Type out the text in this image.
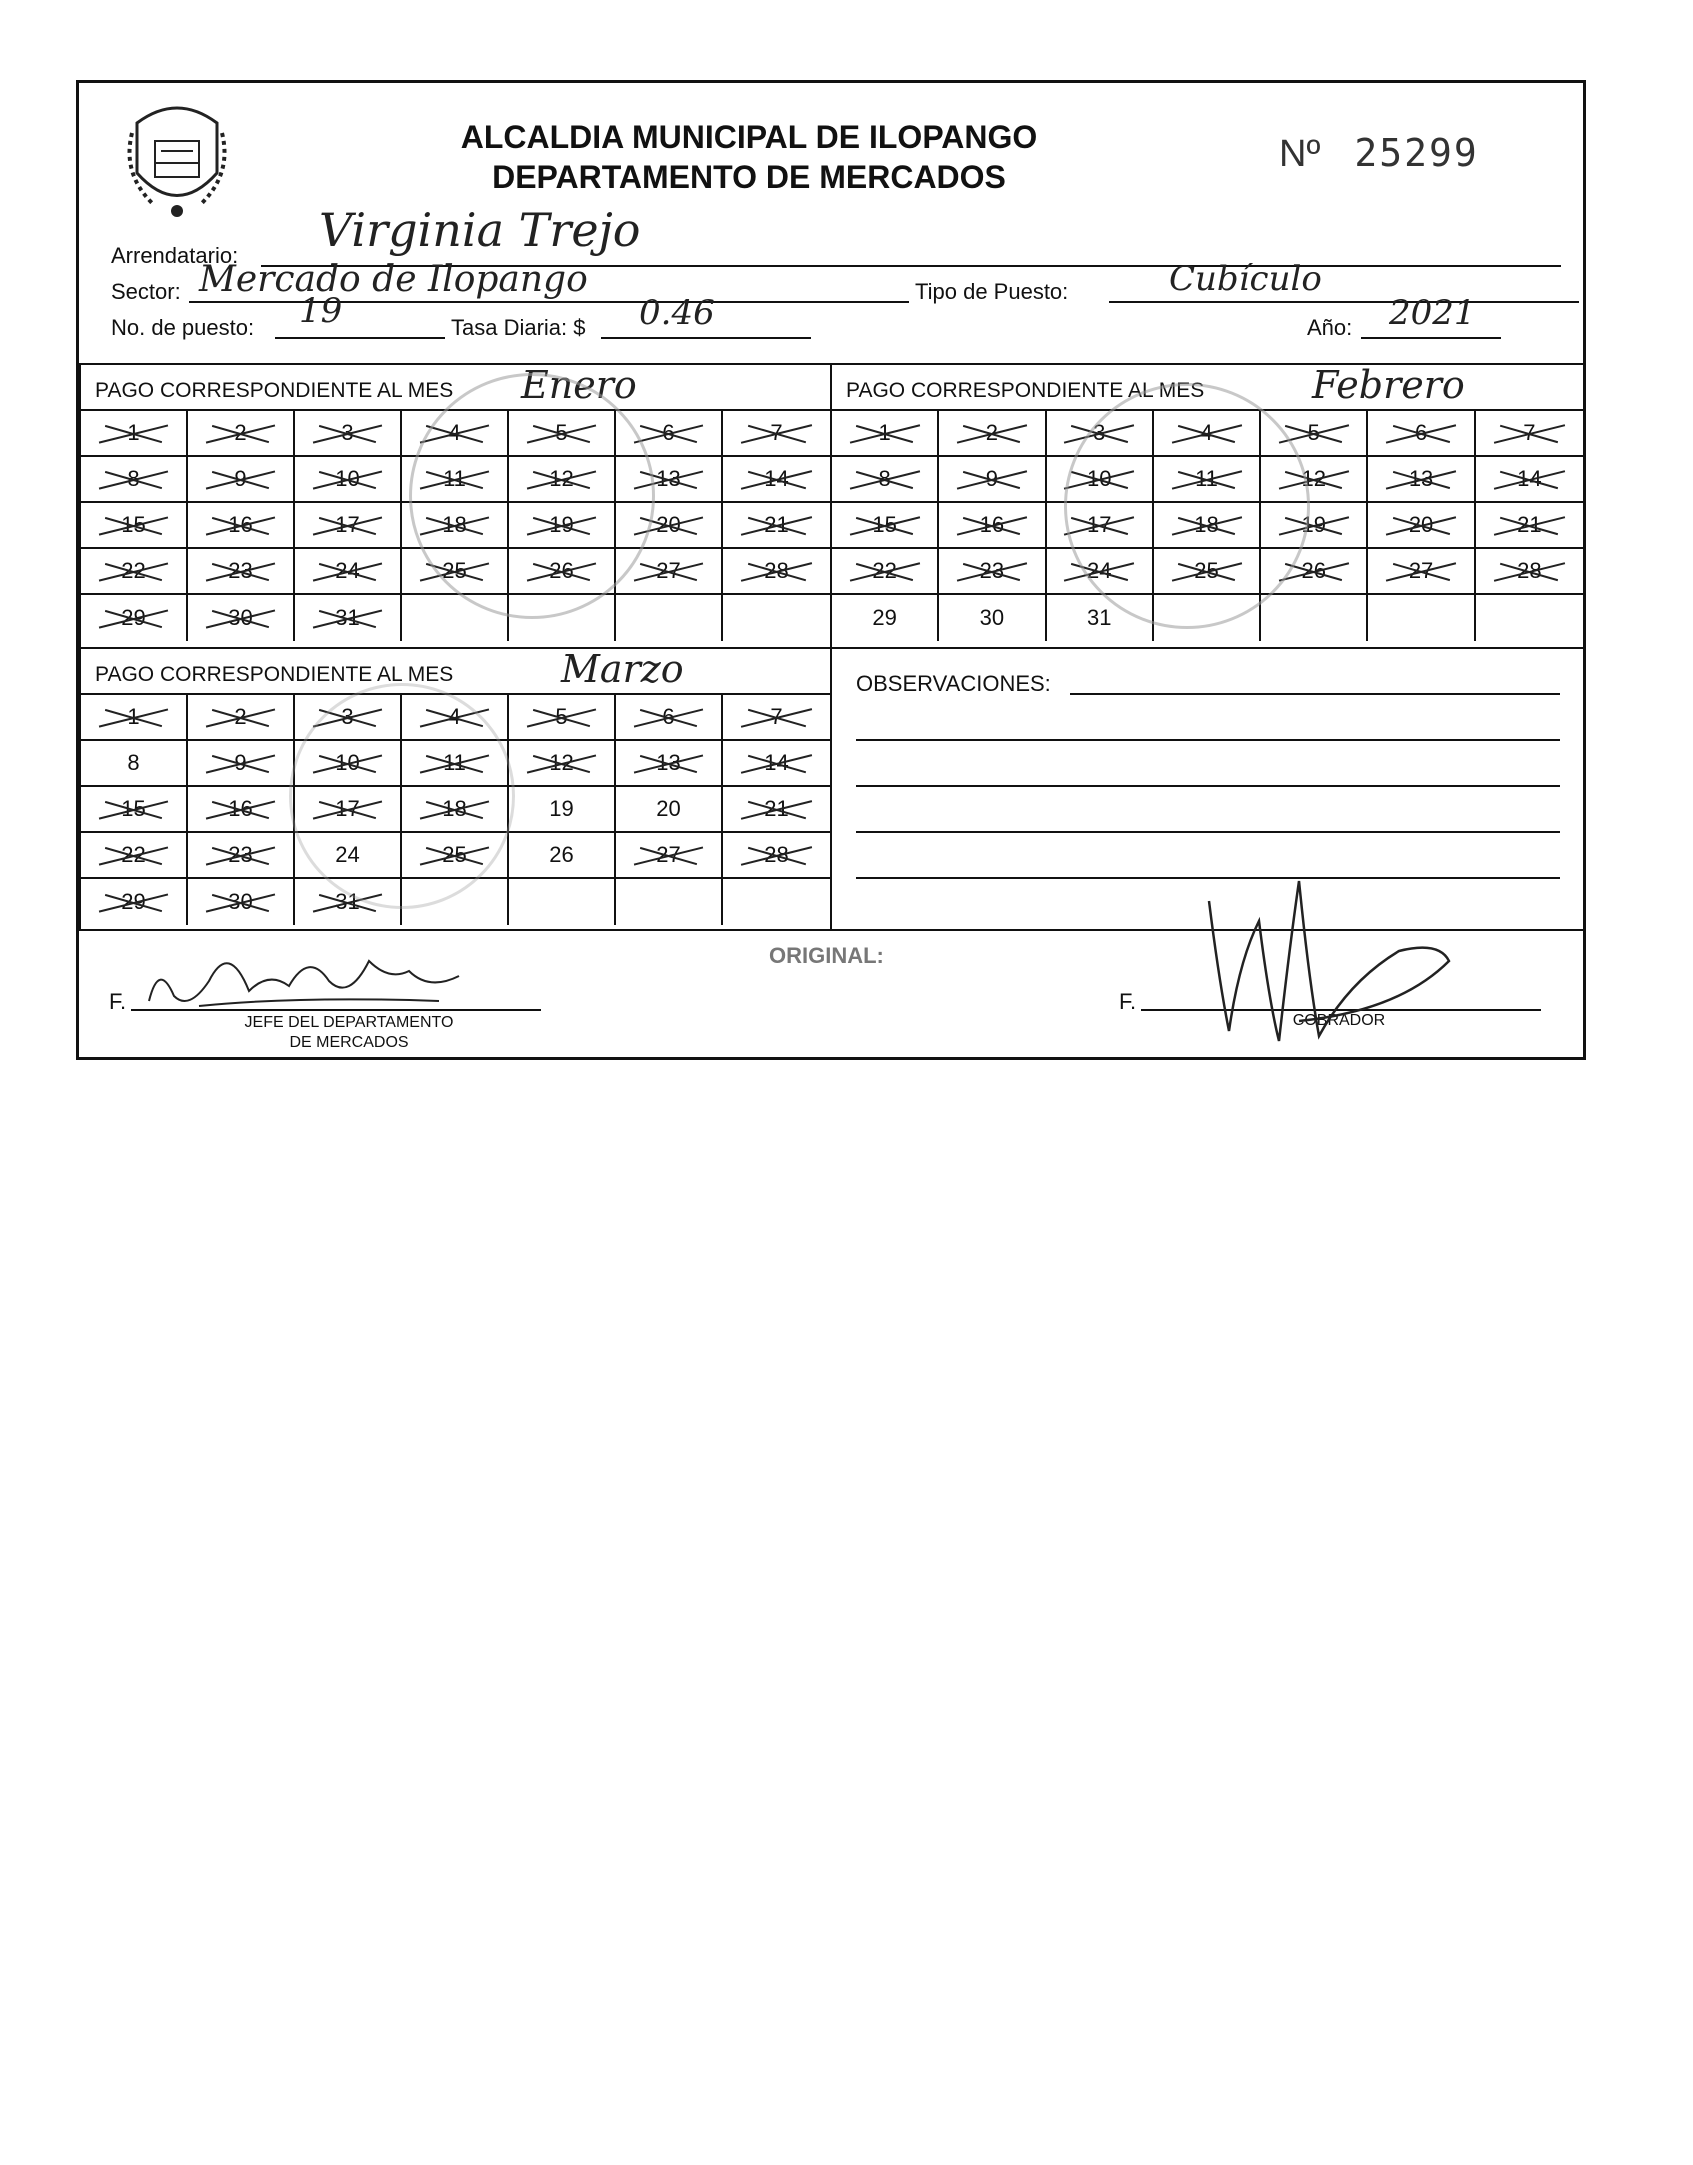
ALCALDIA MUNICIPAL DE ILOPANGO
DEPARTAMENTO DE MERCADOS
Nº 25299
Arrendatario: Virginia Trejo
Sector: Mercado de Ilopango	Tipo de Puesto:	Cubículo
No. de puesto: 19	Tasa Diaria: $ 0.46	Año: 2021
PAGO CORRESPONDIENTE AL MES Enero
1	2	3	4	5	6	7
8	9	10	11	12	13	14
15	16	17	18	19	20	21
22	23	24	25	26	27	28
29	30	31
PAGO CORRESPONDIENTE AL MES	Febrero
1	2	3	4	5	6	7
8	9	10	11	12	13	14
15	16	17	18	19	20	21
22	23	24	25	26	27	28
29	30	31
PAGO CORRESPONDIENTE AL MES	Marzo
1	2	3	4	5	6	7
8	9	10	11	12	13	14
15	16	17	18	19	20	21
22	23	24	25	26	27	28
29	30	31
OBSERVACIONES:
ORIGINAL:
F.
JEFE DEL DEPARTAMENTO
DE MERCADOS
F.
COBRADOR
